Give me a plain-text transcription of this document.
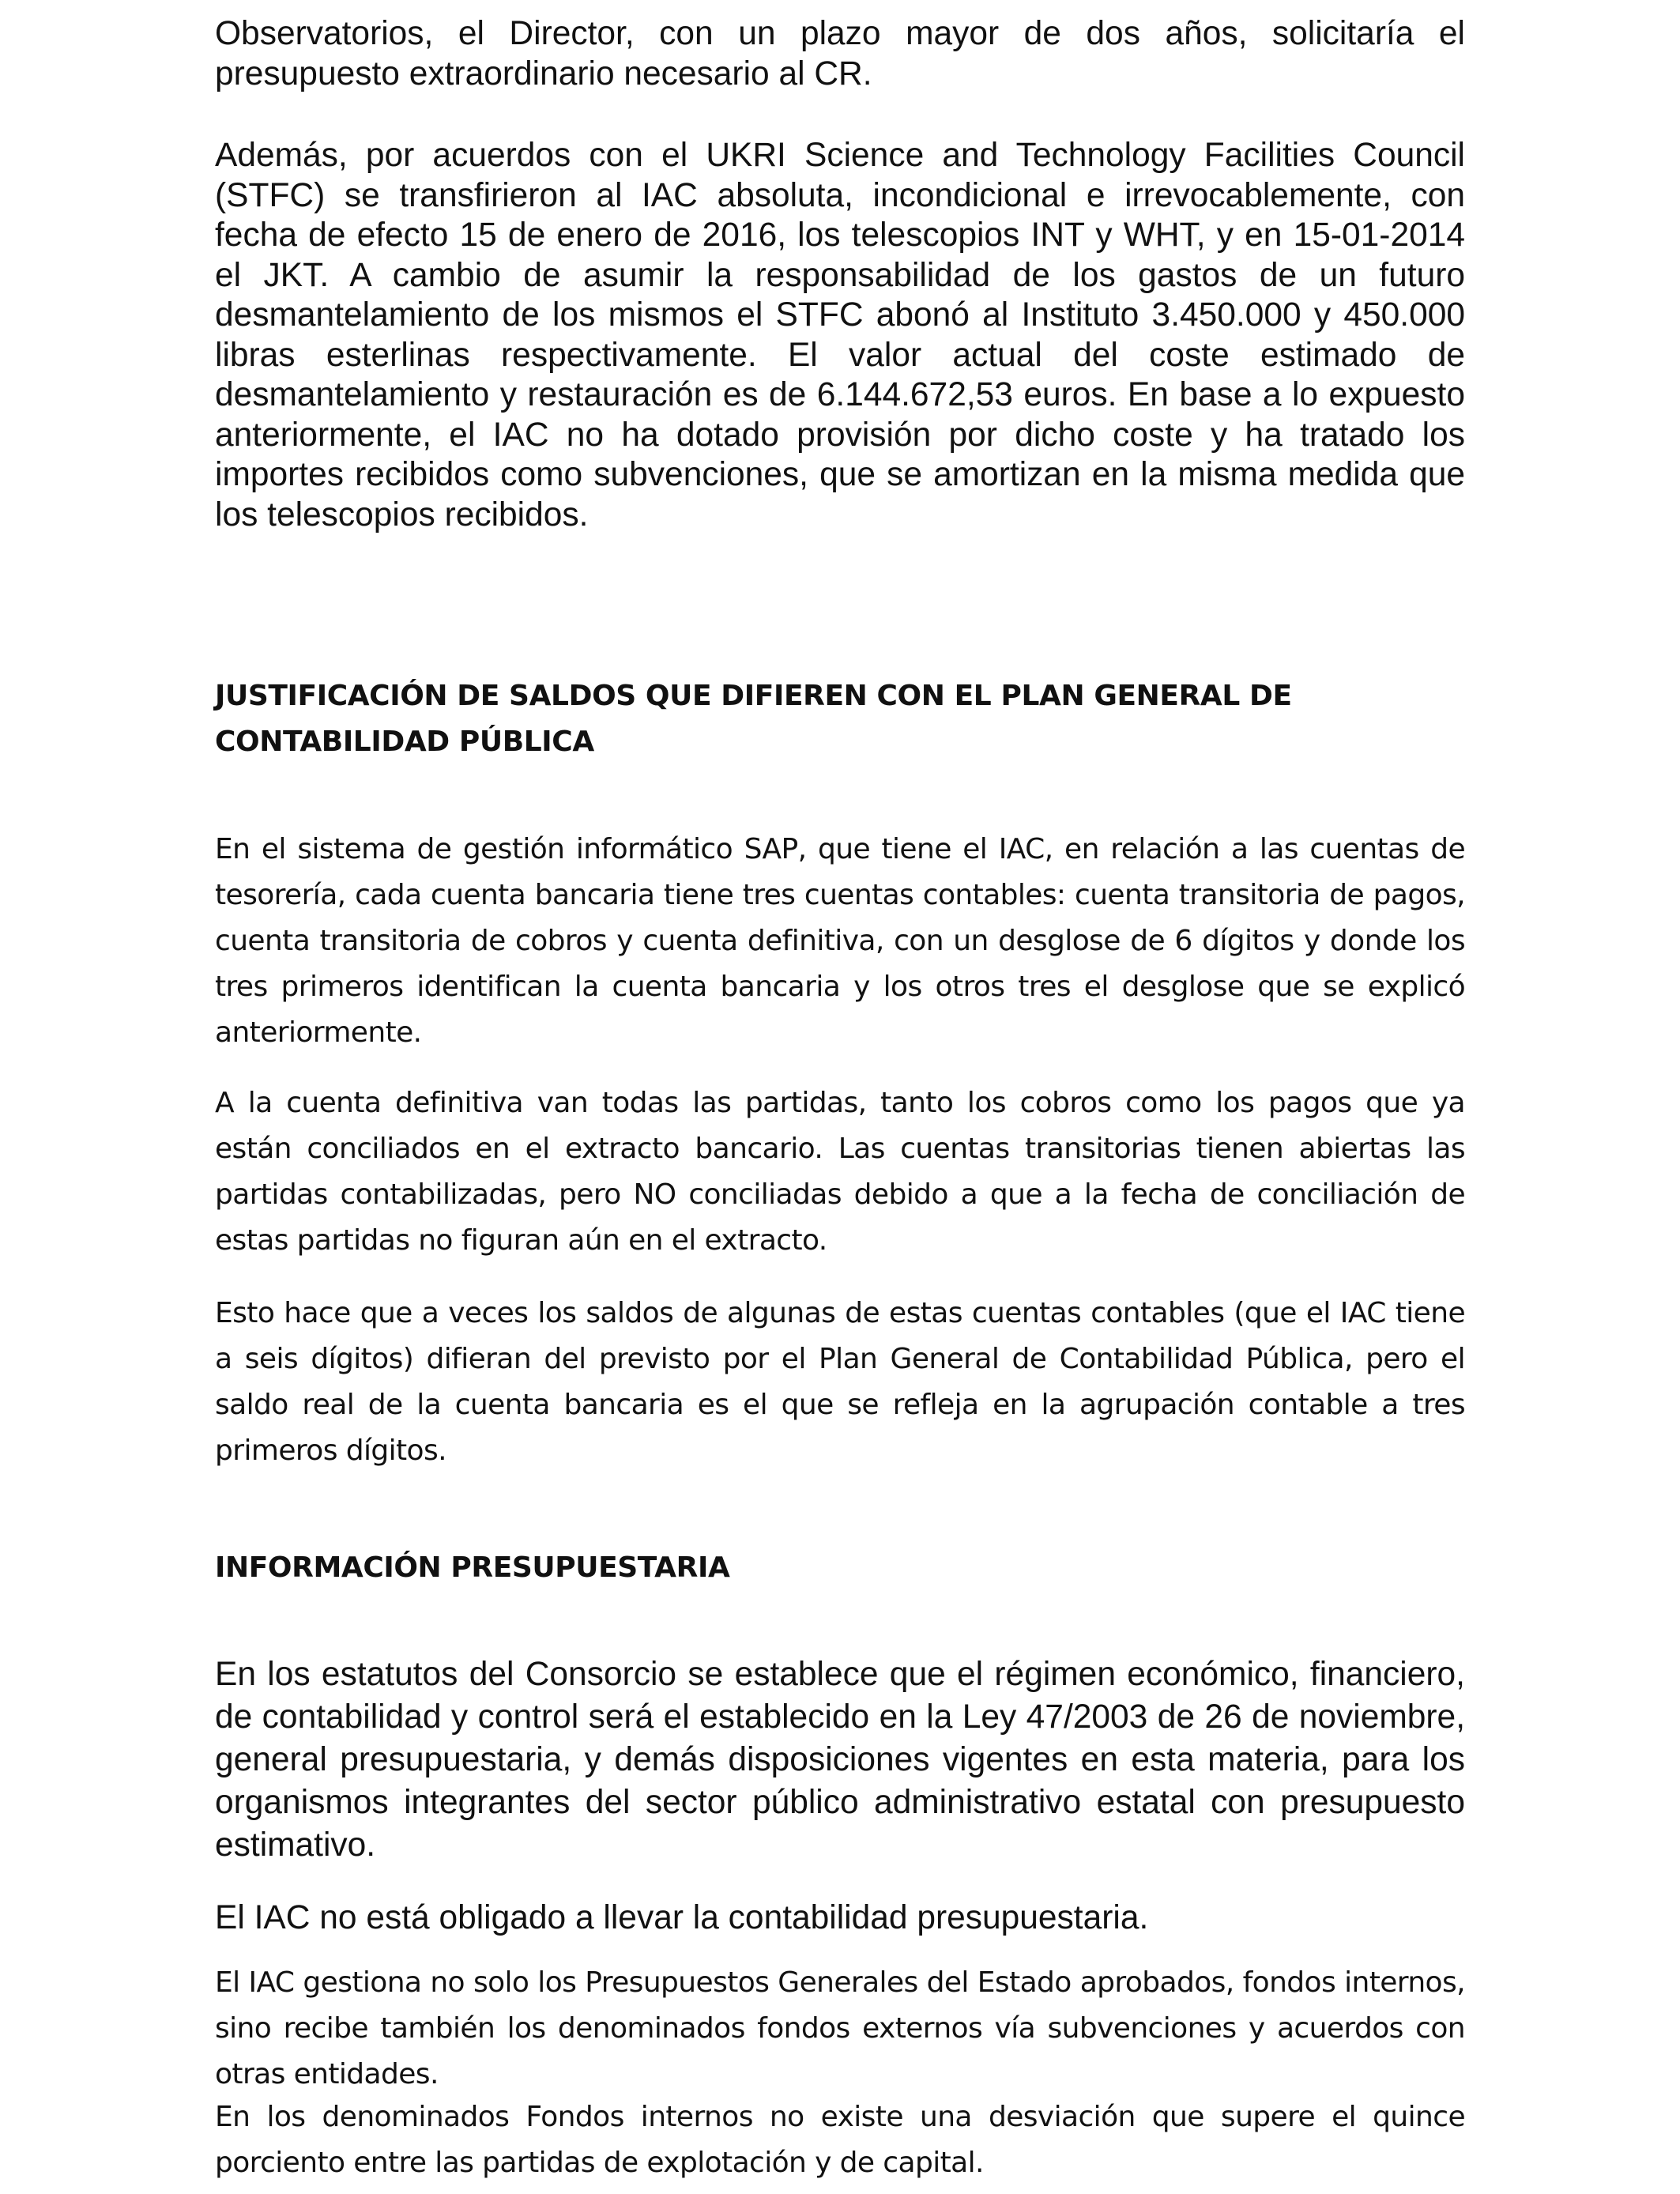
Observatorios, el Director, con un plazo mayor de dos años, solicitaría el presupuesto extraordinario necesario al CR.

Además, por acuerdos con el UKRI Science and Technology Facilities Council (STFC) se transfirieron al IAC absoluta, incondicional e irrevocablemente, con fecha de efecto 15 de enero de 2016, los telescopios INT y WHT, y en 15-01-2014 el JKT. A cambio de asumir la responsabilidad de los gastos de un futuro desmantelamiento de los mismos el STFC abonó al Instituto 3.450.000 y 450.000 libras esterlinas respectivamente. El valor actual del coste estimado de desmantelamiento y restauración es de 6.144.672,53 euros. En base a lo expuesto anteriormente, el IAC no ha dotado provisión por dicho coste y ha tratado los importes recibidos como subvenciones, que se amortizan en la misma medida que los telescopios recibidos.

JUSTIFICACIÓN DE SALDOS QUE DIFIEREN CON EL PLAN GENERAL DE CONTABILIDAD PÚBLICA

En el sistema de gestión informático SAP, que tiene el IAC, en relación a las cuentas de tesorería, cada cuenta bancaria tiene tres cuentas contables: cuenta transitoria de pagos, cuenta transitoria de cobros y cuenta definitiva, con un desglose de 6 dígitos y donde los tres primeros identifican la cuenta bancaria y los otros tres el desglose que se explicó anteriormente.

A la cuenta definitiva van todas las partidas, tanto los cobros como los pagos que ya están conciliados en el extracto bancario. Las cuentas transitorias tienen abiertas las partidas contabilizadas, pero NO conciliadas debido a que a la fecha de conciliación de estas partidas no figuran aún en el extracto.

Esto hace que a veces los saldos de algunas de estas cuentas contables (que el IAC tiene a seis dígitos) difieran del previsto por el Plan General de Contabilidad Pública, pero el saldo real de la cuenta bancaria es el que se refleja en la agrupación contable a tres primeros dígitos.

INFORMACIÓN PRESUPUESTARIA

En los estatutos del Consorcio se establece que el régimen económico, financiero, de contabilidad y control será el establecido en la Ley 47/2003 de 26 de noviembre, general presupuestaria, y demás disposiciones vigentes en esta materia, para los organismos integrantes del sector público administrativo estatal con presupuesto estimativo.

El IAC no está obligado a llevar la contabilidad presupuestaria.

El IAC gestiona no solo los Presupuestos Generales del Estado aprobados, fondos internos, sino recibe también los denominados fondos externos vía subvenciones y acuerdos con otras entidades.

En los denominados Fondos internos no existe una desviación que supere el quince porciento entre las partidas de explotación y de capital.
